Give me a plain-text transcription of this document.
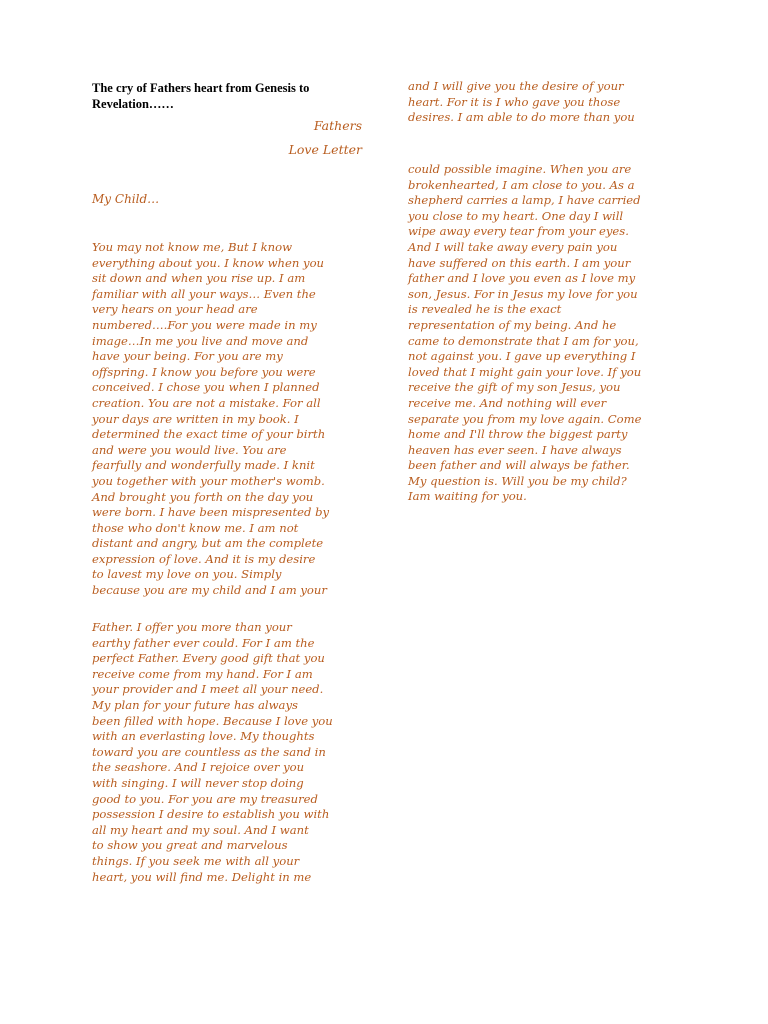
The cry of Fathers heart from Genesis to
Revelation……
Fathers
Love Letter
My Child…
You may not know me, But I know
everything about you. I know when you
sit down and when you rise up. I am
familiar with all your ways… Even the
very hears on your head are
numbered….For you were made in my
image…In me you live and move and
have your being. For you are my
offspring. I know you before you were
conceived. I chose you when I planned
creation. You are not a mistake. For all
your days are written in my book. I
determined the exact time of your birth
and were you would live. You are
fearfully and wonderfully made. I knit
you together with your mother's womb.
And brought you forth on the day you
were born. I have been mispresented by
those who don't know me. I am not
distant and angry, but am the complete
expression of love. And it is my desire
to lavest my love on you. Simply
because you are my child and I am your
Father. I offer you more than your
earthy father ever could. For I am the
perfect Father. Every good gift that you
receive come from my hand. For I am
your provider and I meet all your need.
My plan for your future has always
been filled with hope. Because I love you
with an everlasting love. My thoughts
toward you are countless as the sand in
the seashore. And I rejoice over you
with singing. I will never stop doing
good to you. For you are my treasured
possession I desire to establish you with
all my heart and my soul. And I want
to show you great and marvelous
things. If you seek me with all your
heart, you will find me. Delight in me
and I will give you the desire of your
heart. For it is I who gave you those
desires. I am able to do more than you
could possible imagine. When you are
brokenhearted, I am close to you. As a
shepherd carries a lamp, I have carried
you close to my heart. One day I will
wipe away every tear from your eyes.
And I will take away every pain you
have suffered on this earth. I am your
father and I love you even as I love my
son, Jesus. For in Jesus my love for you
is revealed he is the exact
representation of my being. And he
came to demonstrate that I am for you,
not against you. I gave up everything I
loved that I might gain your love. If you
receive the gift of my son Jesus, you
receive me. And nothing will ever
separate you from my love again. Come
home and I'll throw the biggest party
heaven has ever seen. I have always
been father and will always be father.
My question is. Will you be my child?
Iam waiting for you.
